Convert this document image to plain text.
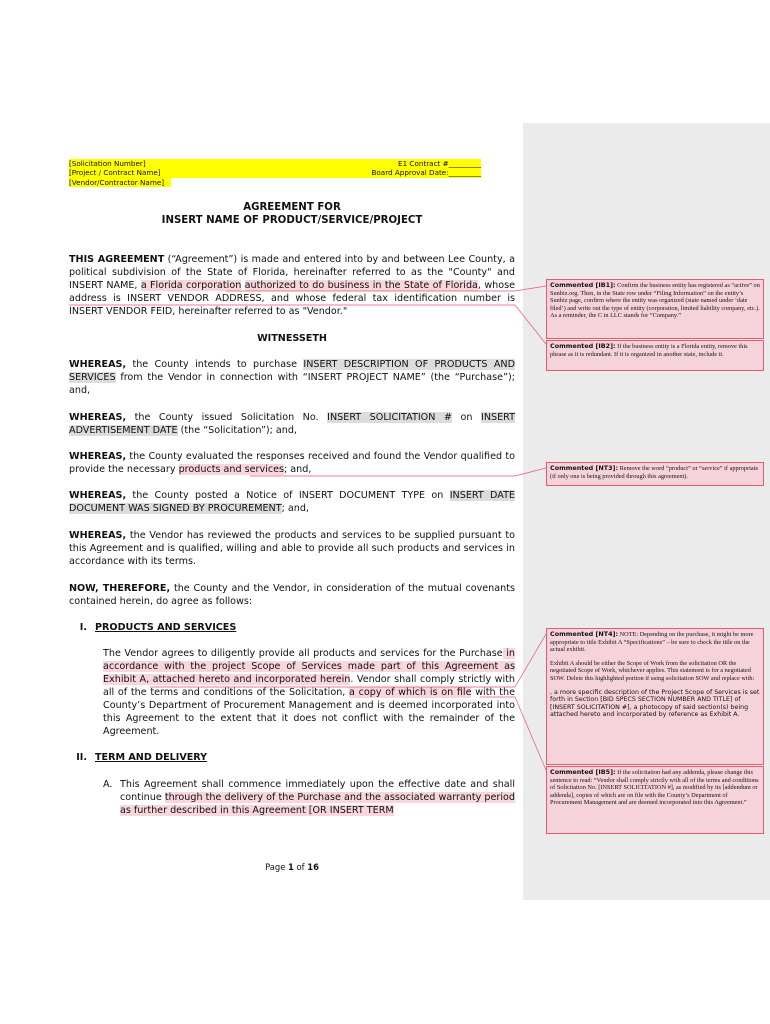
[Solicitation Number]
[Project / Contract Name]
[Vendor/Contractor Name]
E1 Contract #_________
Board Approval Date:_________
AGREEMENT FOR
INSERT NAME OF PRODUCT/SERVICE/PROJECT
THIS AGREEMENT (“Agreement”) is made and entered into by and between Lee County, a political subdivision of the State of Florida, hereinafter referred to as the "County" and INSERT NAME, a Florida corporation authorized to do business in the State of Florida, whose address is INSERT VENDOR ADDRESS, and whose federal tax identification number is INSERT VENDOR FEID, hereinafter referred to as "Vendor."
WITNESSETH
WHEREAS, the County intends to purchase INSERT DESCRIPTION OF PRODUCTS AND SERVICES from the Vendor in connection with “INSERT PROJECT NAME” (the “Purchase”); and,
WHEREAS, the County issued Solicitation No. INSERT SOLICITATION # on INSERT ADVERTISEMENT DATE (the “Solicitation”); and,
WHEREAS, the County evaluated the responses received and found the Vendor qualified to provide the necessary products and services; and,
WHEREAS, the County posted a Notice of INSERT DOCUMENT TYPE on INSERT DATE DOCUMENT WAS SIGNED BY PROCUREMENT; and,
WHEREAS, the Vendor has reviewed the products and services to be supplied pursuant to this Agreement and is qualified, willing and able to provide all such products and services in accordance with its terms.
NOW, THEREFORE, the County and the Vendor, in consideration of the mutual covenants contained herein, do agree as follows:
I. PRODUCTS AND SERVICES
The Vendor agrees to diligently provide all products and services for the Purchase in accordance with the project Scope of Services made part of this Agreement as Exhibit A, attached hereto and incorporated herein. Vendor shall comply strictly with all of the terms and conditions of the Solicitation, a copy of which is on file with the County’s Department of Procurement Management and is deemed incorporated into this Agreement to the extent that it does not conflict with the remainder of the Agreement.
II. TERM AND DELIVERY
A. This Agreement shall commence immediately upon the effective date and shall continue through the delivery of the Purchase and the associated warranty period as further described in this Agreement [OR INSERT TERM
Page 1 of 16
Commented [IB1]: Confirm the business entity has registered as “active” on Sunbiz.org. Then, in the State row under “Filing Information” on the entity’s Sunbiz page, confirm where the entity was organized (state named under ‘date filed’) and write out the type of entity (corporation, limited liability company, etc.). As a reminder, the C in LLC stands for “Company.”
Commented [IB2]: If the business entity is a Florida entity, remove this phrase as it is redundant. If it is organized in another state, include it.
Commented [NT3]: Remove the word “product” or “service” if appropriate (if only one is being provided through this agreement).
Commented [NT4]: NOTE: Depending on the purchase, it might be more appropriate to title Exhibit A “Specifications” – be sure to check the title on the actual exhibit.
Exhibit A should be either the Scope of Work from the solicitation OR the negotiated Scope of Work, whichever applies. This statement is for a negotiated SOW. Delete this highlighted portion if using solicitation SOW and replace with:
, a more specific description of the Project Scope of Services is set forth in Section [BID SPECS SECTION NUMBER AND TITLE] of [INSERT SOLICITATION #], a photocopy of said section(s) being attached hereto and incorporated by reference as Exhibit A.
Commented [IB5]: If the solicitation had any addenda, please change this sentence to read: “Vendor shall comply strictly with all of the terms and conditions of Solicitation No. [INSERT SOLICITATION #], as modified by its [addendum or addenda], copies of which are on file with the County’s Department of Procurement Management and are deemed incorporated into this Agreement.”
